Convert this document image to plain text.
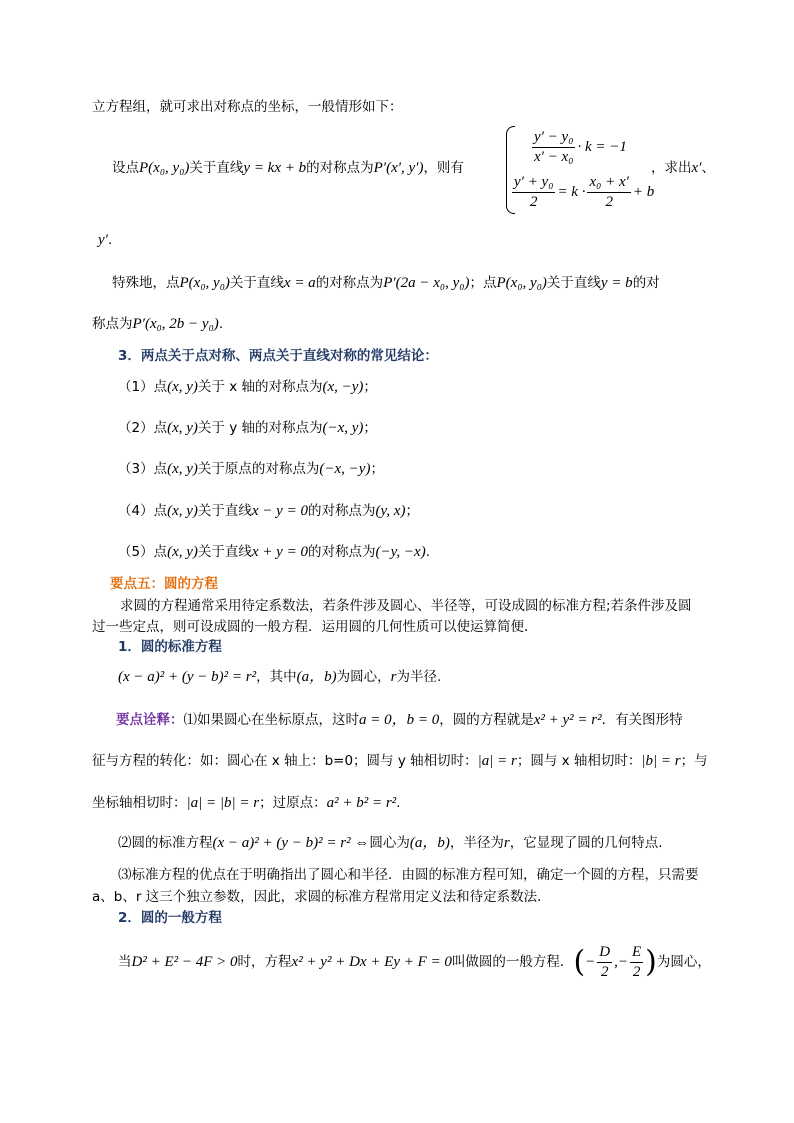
立方程组，就可求出对称点的坐标，一般情形如下：
设点P(x₀, y₀)关于直线y = kx + b的对称点为P′(x′, y′)，则有
$\frac{\text{y′ − y₀}}{\text{x′ − x₀}} \cdot k = -1$
$\frac{\text{y′ + y₀}}{2} = k \cdot \frac{\text{x₀ + x′}}{2} + b$
，求出x′、
y′.
特殊地，点P(x₀, y₀)关于直线x = a的对称点为P′(2a − x₀, y₀)；点P(x₀, y₀)关于直线y = b的对
称点为P′(x₀, 2b − y₀).
3．两点关于点对称、两点关于直线对称的常见结论：
（1）点(x, y)关于 x 轴的对称点为(x, −y)；
（2）点(x, y)关于 y 轴的对称点为(−x, y)；
（3）点(x, y)关于原点的对称点为(−x, −y)；
（4）点(x, y)关于直线x − y = 0的对称点为(y, x)；
（5）点(x, y)关于直线x + y = 0的对称点为(−y, −x).
要点五：圆的方程
求圆的方程通常采用待定系数法，若条件涉及圆心、半径等，可设成圆的标准方程;若条件涉及圆
过一些定点，则可设成圆的一般方程．运用圆的几何性质可以使运算简便．
1．圆的标准方程
(x − a)² + (y − b)² = r²，其中(a，b)为圆心，r为半径.
要点诠释：⑴如果圆心在坐标原点，这时a = 0，b = 0，圆的方程就是x² + y² = r²．有关图形特
征与方程的转化：如：圆心在 x 轴上：b=0；圆与 y 轴相切时：|a| = r；圆与 x 轴相切时：|b| = r；与
坐标轴相切时：|a| = |b| = r；过原点：a² + b² = r².
⑵圆的标准方程(x − a)² + (y − b)² = r² ⇔圆心为(a，b)，半径为r，它显现了圆的几何特点.
⑶标准方程的优点在于明确指出了圆心和半径．由圆的标准方程可知，确定一个圆的方程，只需要
a、b、r 这三个独立参数，因此，求圆的标准方程常用定义法和待定系数法．
2．圆的一般方程
当D² + E² − 4F > 0时，方程x² + y² + Dx + Ey + F = 0叫做圆的一般方程．(− $\frac{D}{2}$ ,− $\frac{E}{2}$ )为圆心，
